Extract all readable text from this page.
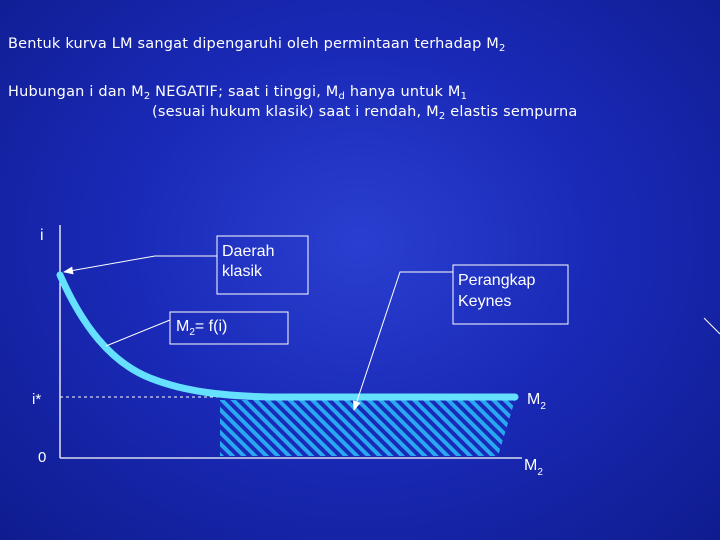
Bentuk kurva LM sangat dipengaruhi oleh permintaan terhadap $M_2$
Hubungan i dan $M_2$ NEGATIF; saat i tinggi, $M_d$ hanya untuk $M_1$
(sesuai hukum klasik) saat i rendah, $M_2$ elastis sempurna
i
i*
0
$M_2$
$M_2$
Daerah
klasik
Perangkap
Keynes
$M_2= f(i)$
